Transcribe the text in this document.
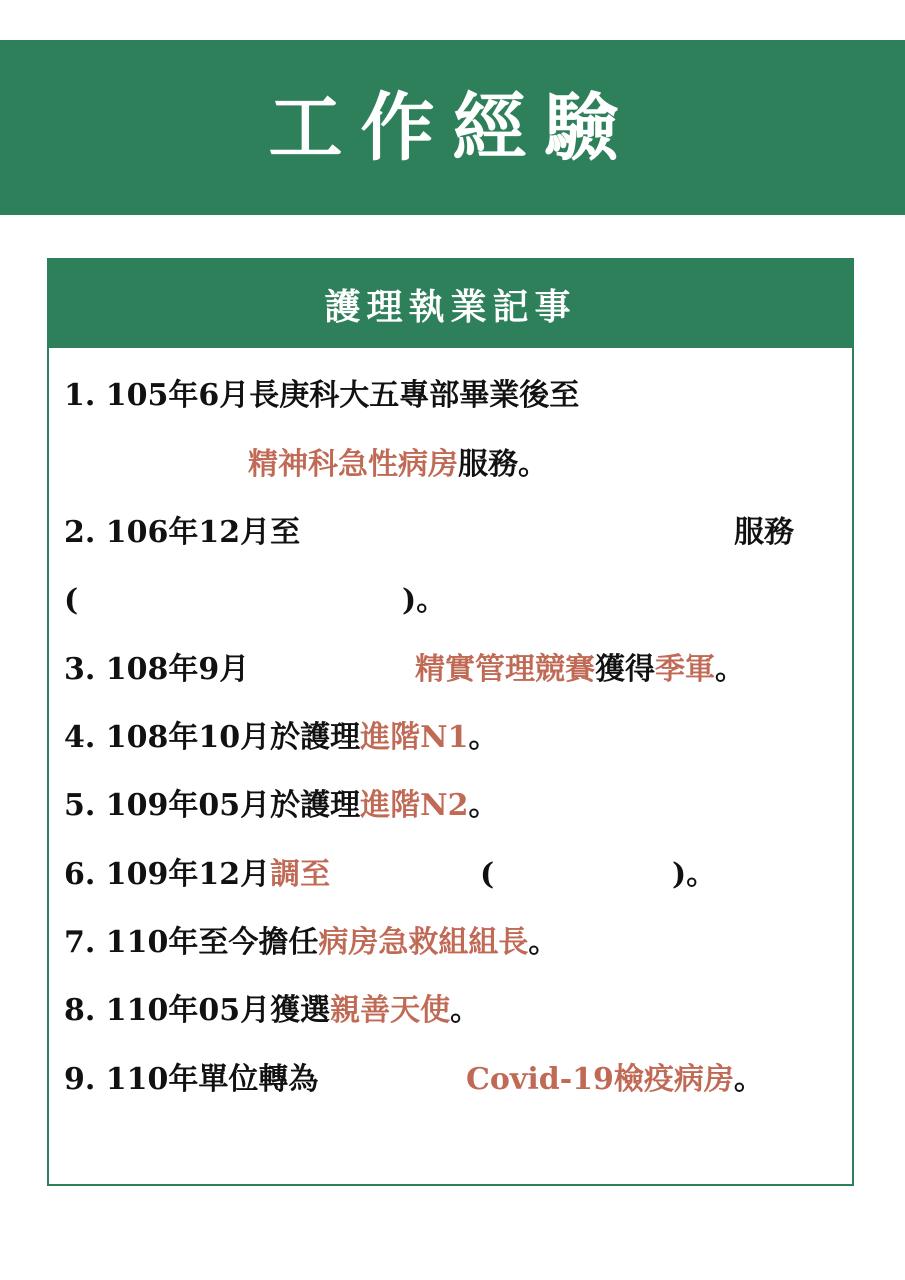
工作經驗
護理執業記事
1. 105年6月長庚科大五專部畢業後至
精神科急性病房服務。
2. 106年12月至	服務
(	)。
3. 108年9月	精實管理競賽獲得季軍。
4. 108年10月於護理進階N1。
5. 109年05月於護理進階N2。
6. 109年12月調至	(	)。
7. 110年至今擔任病房急救組組長。
8. 110年05月獲選親善天使。
9. 110年單位轉為	Covid-19檢疫病房。
